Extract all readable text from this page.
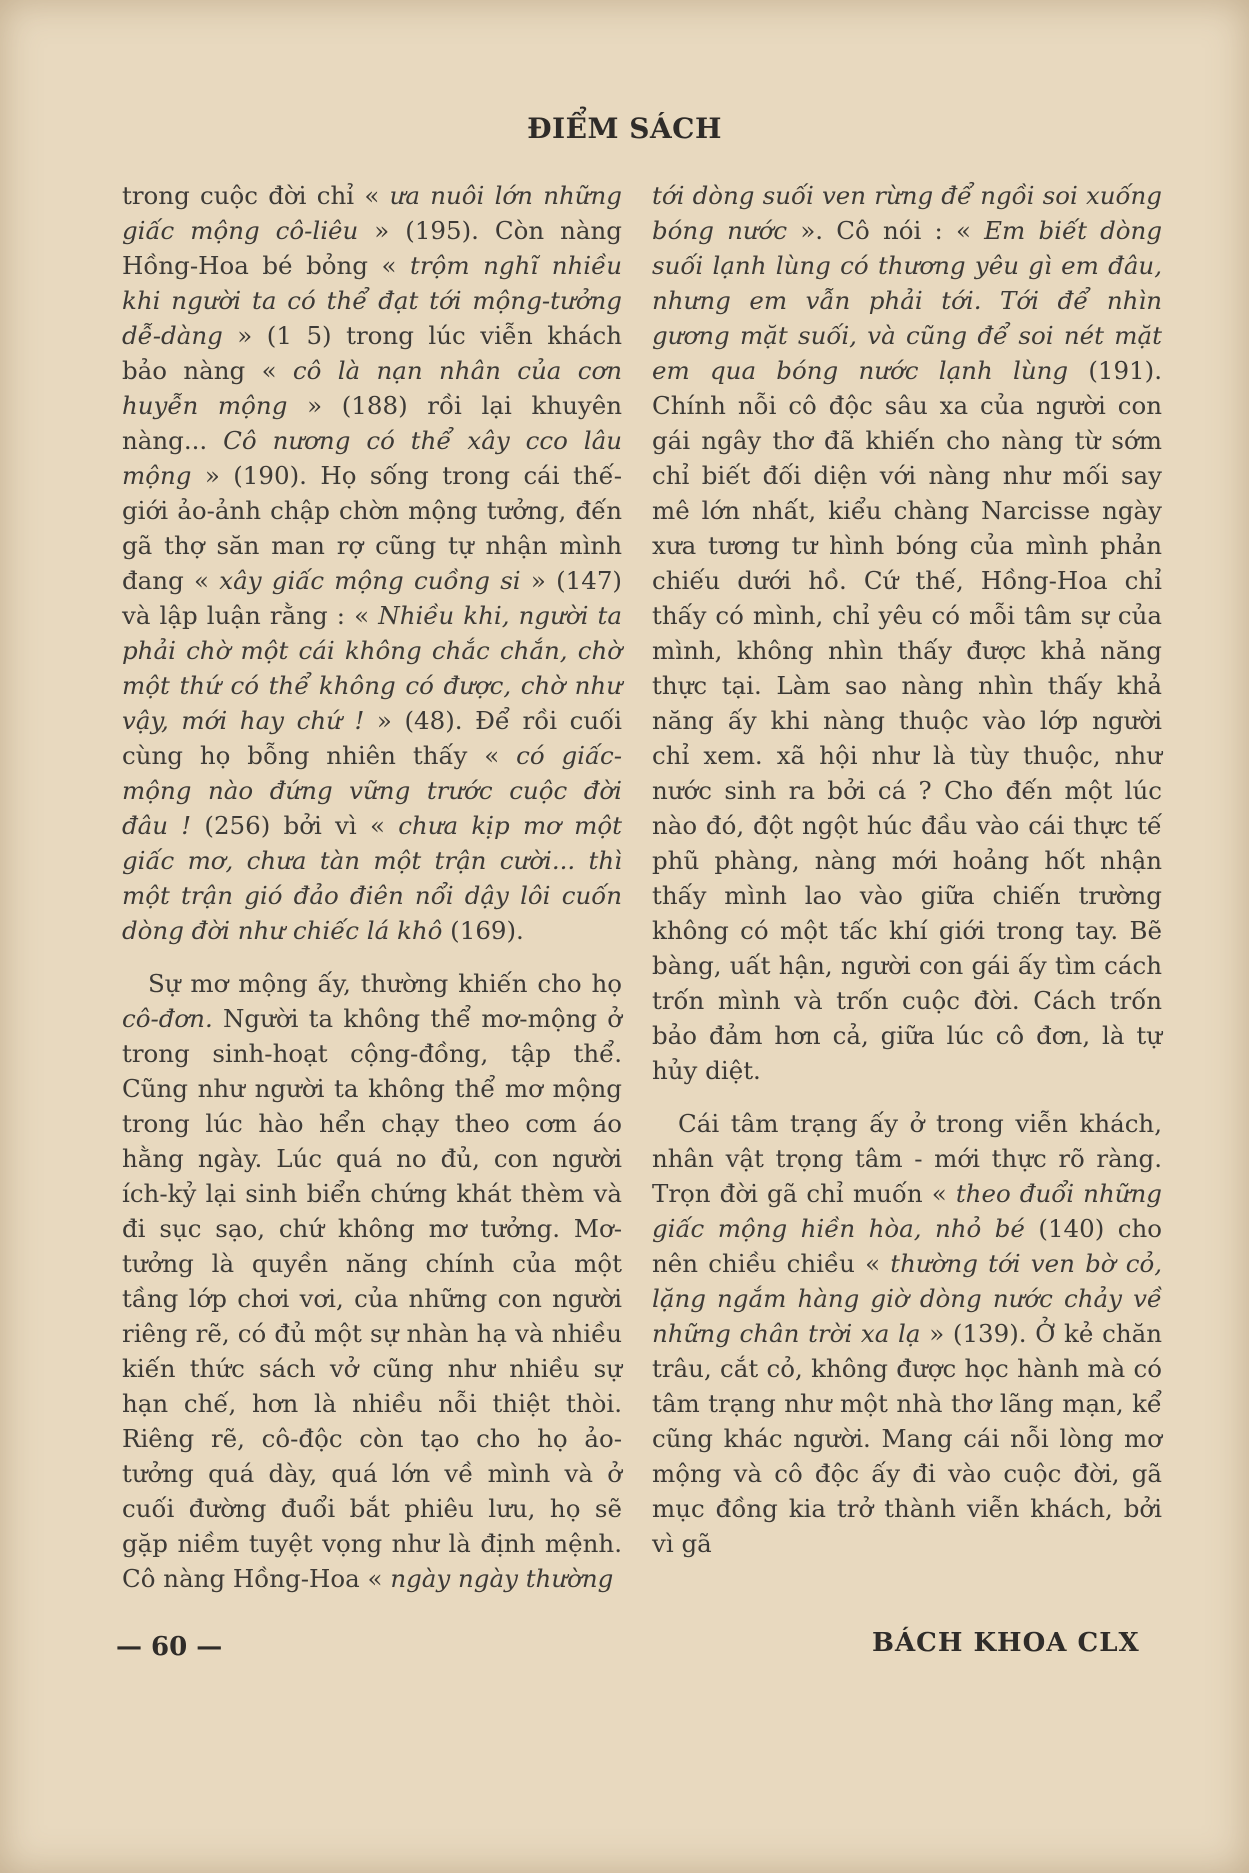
ĐIỂM SÁCH

trong cuộc đời chỉ « ưa nuôi lớn những giấc mộng cô-liêu » (195). Còn nàng Hồng-Hoa bé bỏng « trộm nghĩ nhiều khi người ta có thể đạt tới mộng-tưởng dễ-dàng » (1 5) trong lúc viễn khách bảo nàng « cô là nạn nhân của cơn huyễn mộng » (188) rồi lại khuyên nàng... Cô nương có thể xây cco lâu mộng » (190). Họ sống trong cái thế-giới ảo-ảnh chập chờn mộng tưởng, đến gã thợ săn man rợ cũng tự nhận mình đang « xây giấc mộng cuồng si » (147) và lập luận rằng : « Nhiều khi, người ta phải chờ một cái không chắc chắn, chờ một thứ có thể không có được, chờ như vậy, mới hay chứ ! » (48). Để rồi cuối cùng họ bỗng nhiên thấy « có giấc-mộng nào đứng vững trước cuộc đời đâu ! (256) bởi vì « chưa kịp mơ một giấc mơ, chưa tàn một trận cười... thì một trận gió đảo điên nổi dậy lôi cuốn dòng đời như chiếc lá khô (169).

Sự mơ mộng ấy, thường khiến cho họ cô-đơn. Người ta không thể mơ-mộng ở trong sinh-hoạt cộng-đồng, tập thể. Cũng như người ta không thể mơ mộng trong lúc hào hển chạy theo cơm áo hằng ngày. Lúc quá no đủ, con người ích-kỷ lại sinh biển chứng khát thèm và đi sục sạo, chứ không mơ tưởng. Mơ-tưởng là quyền năng chính của một tầng lớp chơi vơi, của những con người riêng rẽ, có đủ một sự nhàn hạ và nhiều kiến thức sách vở cũng như nhiều sự hạn chế, hơn là nhiều nỗi thiệt thòi. Riêng rẽ, cô-độc còn tạo cho họ ảo-tưởng quá dày, quá lớn về mình và ở cuối đường đuổi bắt phiêu lưu, họ sẽ gặp niềm tuyệt vọng như là định mệnh. Cô nàng Hồng-Hoa « ngày ngày thường

tới dòng suối ven rừng để ngồi soi xuống bóng nước ». Cô nói : « Em biết dòng suối lạnh lùng có thương yêu gì em đâu, nhưng em vẫn phải tới. Tới để nhìn gương mặt suối, và cũng để soi nét mặt em qua bóng nước lạnh lùng (191). Chính nỗi cô độc sâu xa của người con gái ngây thơ đã khiến cho nàng từ sớm chỉ biết đối diện với nàng như mối say mê lớn nhất, kiểu chàng Narcisse ngày xưa tương tư hình bóng của mình phản chiếu dưới hồ. Cứ thế, Hồng-Hoa chỉ thấy có mình, chỉ yêu có mỗi tâm sự của mình, không nhìn thấy được khả năng thực tại. Làm sao nàng nhìn thấy khả năng ấy khi nàng thuộc vào lớp người chỉ xem. xã hội như là tùy thuộc, như nước sinh ra bởi cá ? Cho đến một lúc nào đó, đột ngột húc đầu vào cái thực tế phũ phàng, nàng mới hoảng hốt nhận thấy mình lao vào giữa chiến trường không có một tấc khí giới trong tay. Bẽ bàng, uất hận, người con gái ấy tìm cách trốn mình và trốn cuộc đời. Cách trốn bảo đảm hơn cả, giữa lúc cô đơn, là tự hủy diệt.

Cái tâm trạng ấy ở trong viễn khách, nhân vật trọng tâm - mới thực rõ ràng. Trọn đời gã chỉ muốn « theo đuổi những giấc mộng hiền hòa, nhỏ bé (140) cho nên chiều chiều « thường tới ven bờ cỏ, lặng ngắm hàng giờ dòng nước chảy về những chân trời xa lạ » (139). Ở kẻ chăn trâu, cắt cỏ, không được học hành mà có tâm trạng như một nhà thơ lãng mạn, kể cũng khác người. Mang cái nỗi lòng mơ mộng và cô độc ấy đi vào cuộc đời, gã mục đồng kia trở thành viễn khách, bởi vì gã

— 60 —	BÁCH KHOA CLX
